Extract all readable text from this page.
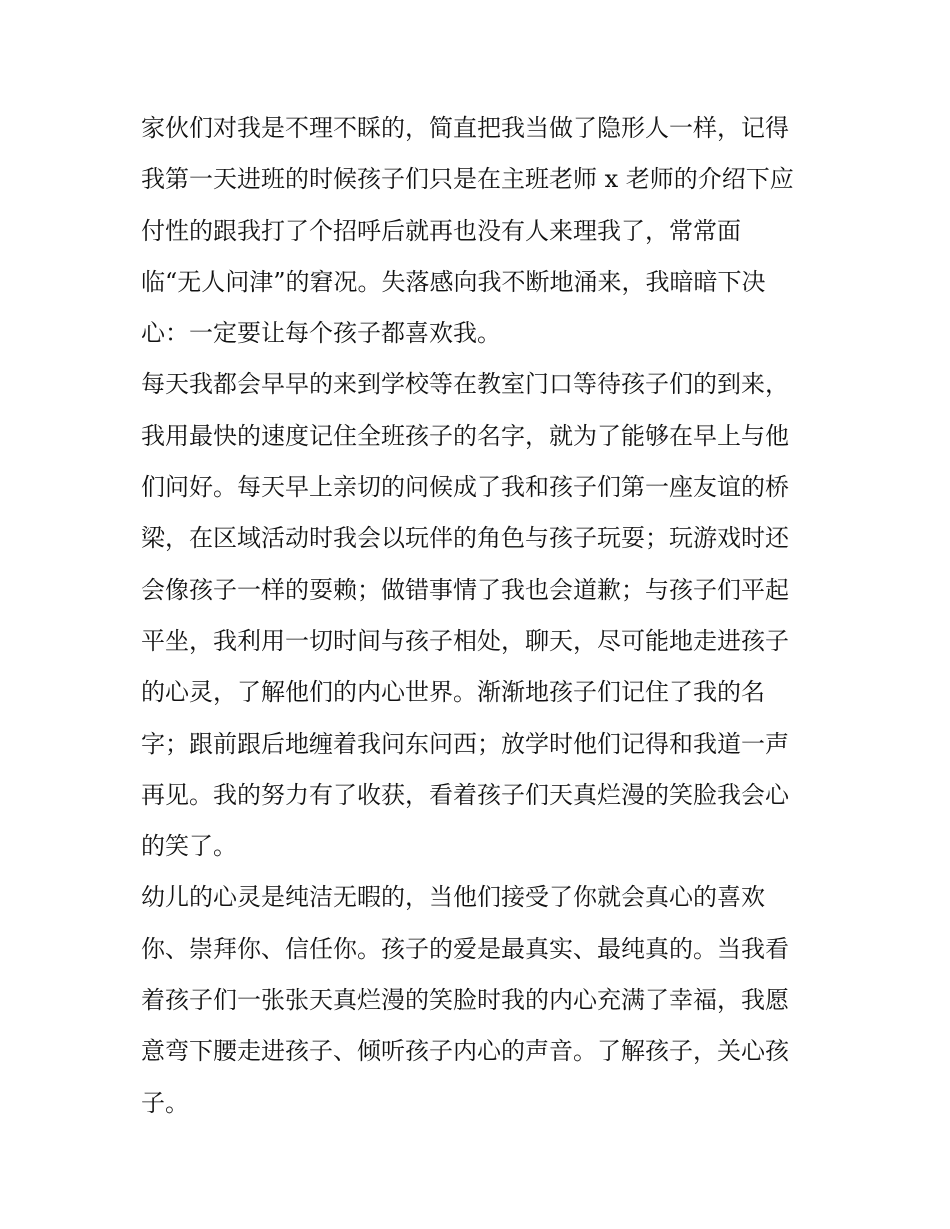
家伙们对我是不理不睬的，简直把我当做了隐形人一样，记得
我第一天进班的时候孩子们只是在主班老师 x 老师的介绍下应
付性的跟我打了个招呼后就再也没有人来理我了，常常面
临“无人问津”的窘况。失落感向我不断地涌来，我暗暗下决
心：一定要让每个孩子都喜欢我。
每天我都会早早的来到学校等在教室门口等待孩子们的到来，
我用最快的速度记住全班孩子的名字，就为了能够在早上与他
们问好。每天早上亲切的问候成了我和孩子们第一座友谊的桥
梁，在区域活动时我会以玩伴的角色与孩子玩耍；玩游戏时还
会像孩子一样的耍赖；做错事情了我也会道歉；与孩子们平起
平坐，我利用一切时间与孩子相处，聊天，尽可能地走进孩子
的心灵，了解他们的内心世界。渐渐地孩子们记住了我的名
字；跟前跟后地缠着我问东问西；放学时他们记得和我道一声
再见。我的努力有了收获，看着孩子们天真烂漫的笑脸我会心
的笑了。
幼儿的心灵是纯洁无暇的，当他们接受了你就会真心的喜欢
你、崇拜你、信任你。孩子的爱是最真实、最纯真的。当我看
着孩子们一张张天真烂漫的笑脸时我的内心充满了幸福，我愿
意弯下腰走进孩子、倾听孩子内心的声音。了解孩子，关心孩
子。
